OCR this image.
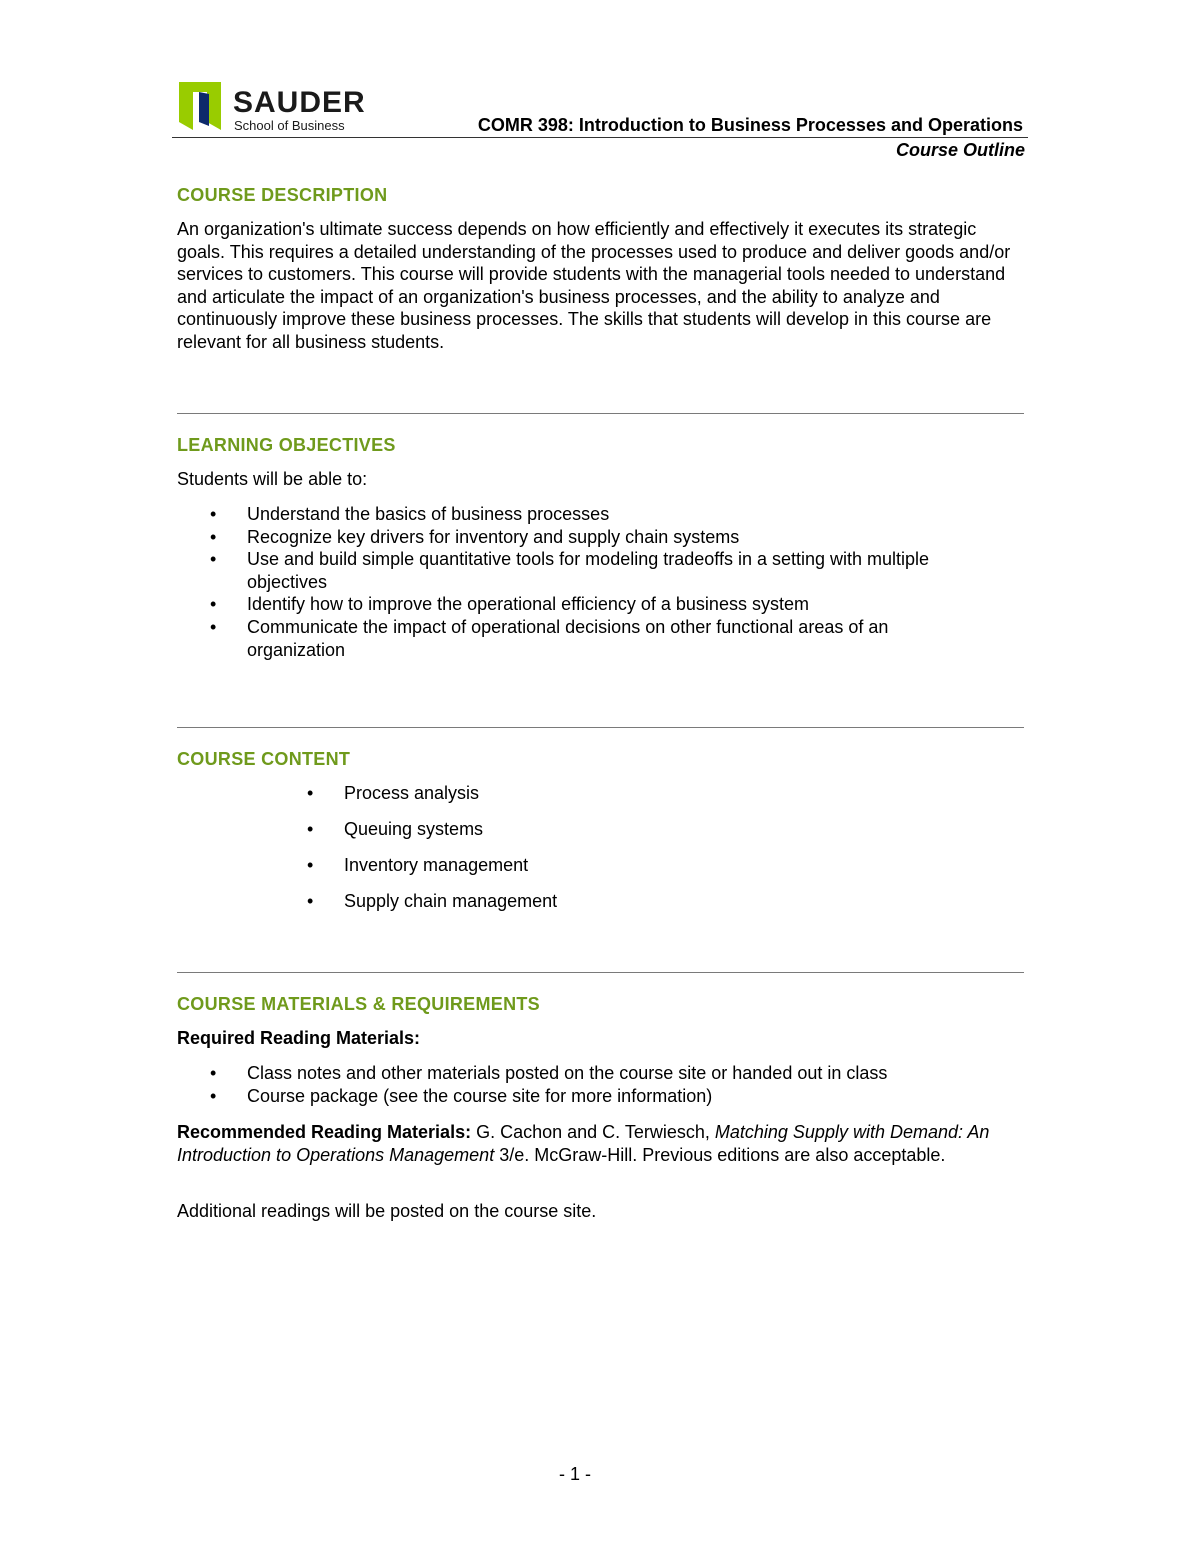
SAUDER
School of Business	COMR 398: Introduction to Business Processes and Operations
Course Outline
COURSE DESCRIPTION
An organization's ultimate success depends on how efficiently and effectively it executes its strategic goals. This requires a detailed understanding of the processes used to produce and deliver goods and/or services to customers. This course will provide students with the managerial tools needed to understand and articulate the impact of an organization's business processes, and the ability to analyze and continuously improve these business processes. The skills that students will develop in this course are relevant for all business students.
LEARNING OBJECTIVES
Students will be able to:
• Understand the basics of business processes
• Recognize key drivers for inventory and supply chain systems
• Use and build simple quantitative tools for modeling tradeoffs in a setting with multiple objectives
• Identify how to improve the operational efficiency of a business system
• Communicate the impact of operational decisions on other functional areas of an organization
COURSE CONTENT
• Process analysis
• Queuing systems
• Inventory management
• Supply chain management
COURSE MATERIALS & REQUIREMENTS
Required Reading Materials:
• Class notes and other materials posted on the course site or handed out in class
• Course package (see the course site for more information)
Recommended Reading Materials: G. Cachon and C. Terwiesch, Matching Supply with Demand: An Introduction to Operations Management 3/e. McGraw-Hill. Previous editions are also acceptable.
Additional readings will be posted on the course site.
- 1 -
